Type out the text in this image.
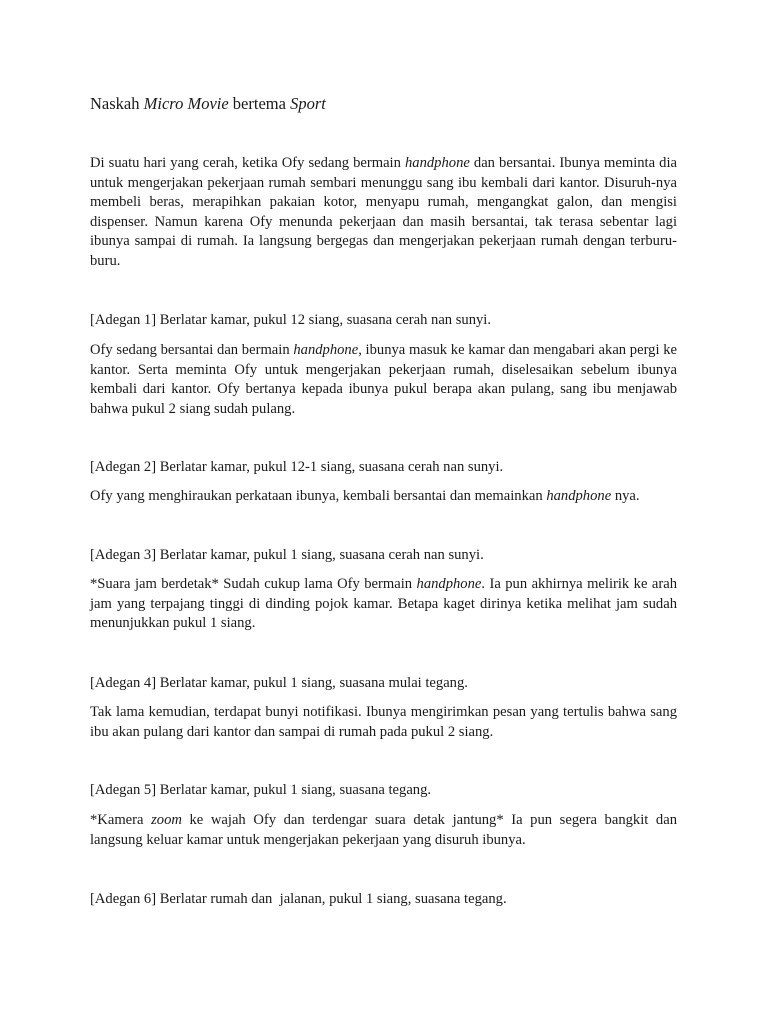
Naskah Micro Movie bertema Sport

Di suatu hari yang cerah, ketika Ofy sedang bermain handphone dan bersantai. Ibunya meminta dia untuk mengerjakan pekerjaan rumah sembari menunggu sang ibu kembali dari kantor. Disuruh-nya membeli beras, merapihkan pakaian kotor, menyapu rumah, mengangkat galon, dan mengisi dispenser. Namun karena Ofy menunda pekerjaan dan masih bersantai, tak terasa sebentar lagi ibunya sampai di rumah. Ia langsung bergegas dan mengerjakan pekerjaan rumah dengan terburu-buru.

[Adegan 1] Berlatar kamar, pukul 12 siang, suasana cerah nan sunyi.

Ofy sedang bersantai dan bermain handphone, ibunya masuk ke kamar dan mengabari akan pergi ke kantor. Serta meminta Ofy untuk mengerjakan pekerjaan rumah, diselesaikan sebelum ibunya kembali dari kantor. Ofy bertanya kepada ibunya pukul berapa akan pulang, sang ibu menjawab bahwa pukul 2 siang sudah pulang.

[Adegan 2] Berlatar kamar, pukul 12-1 siang, suasana cerah nan sunyi.

Ofy yang menghiraukan perkataan ibunya, kembali bersantai dan memainkan handphone nya.

[Adegan 3] Berlatar kamar, pukul 1 siang, suasana cerah nan sunyi.

*Suara jam berdetak* Sudah cukup lama Ofy bermain handphone. Ia pun akhirnya melirik ke arah jam yang terpajang tinggi di dinding pojok kamar. Betapa kaget dirinya ketika melihat jam sudah menunjukkan pukul 1 siang.

[Adegan 4] Berlatar kamar, pukul 1 siang, suasana mulai tegang.

Tak lama kemudian, terdapat bunyi notifikasi. Ibunya mengirimkan pesan yang tertulis bahwa sang ibu akan pulang dari kantor dan sampai di rumah pada pukul 2 siang.

[Adegan 5] Berlatar kamar, pukul 1 siang, suasana tegang.

*Kamera zoom ke wajah Ofy dan terdengar suara detak jantung* Ia pun segera bangkit dan langsung keluar kamar untuk mengerjakan pekerjaan yang disuruh ibunya.

[Adegan 6] Berlatar rumah dan  jalanan, pukul 1 siang, suasana tegang.
